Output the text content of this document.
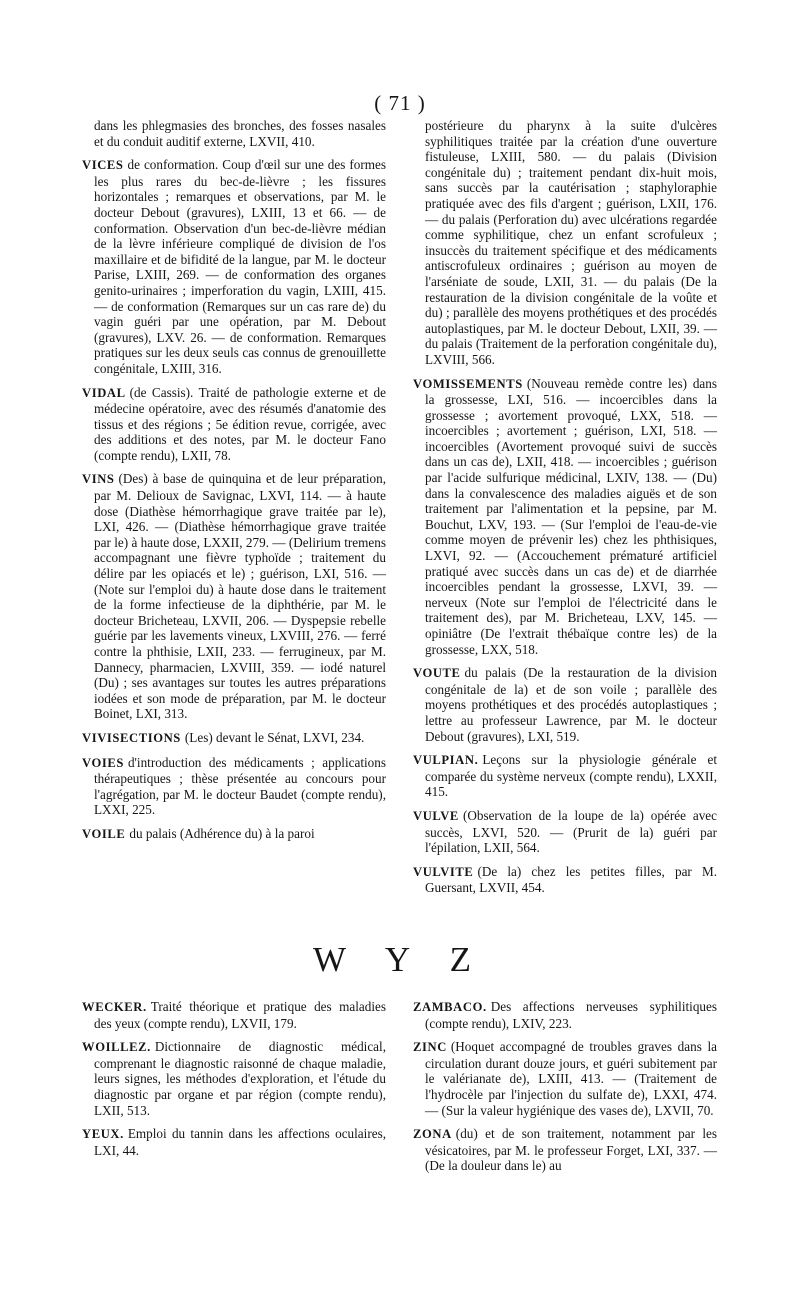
( 71 )

dans les phlegmasies des bronches, des fosses nasales et du conduit auditif externe, LXVII, 410.

VICES de conformation. Coup d'œil sur une des formes les plus rares du bec-de-lièvre ; les fissures horizontales ; remarques et observations, par M. le docteur Debout (gravures), LXIII, 13 et 66. — de conformation. Observation d'un bec-de-lièvre médian de la lèvre inférieure compliqué de division de l'os maxillaire et de bifidité de la langue, par M. le docteur Parise, LXIII, 269. — de conformation des organes genito-urinaires ; imperforation du vagin, LXIII, 415. — de conformation (Remarques sur un cas rare de) du vagin guéri par une opération, par M. Debout (gravures), LXV. 26. — de conformation. Remarques pratiques sur les deux seuls cas connus de grenouillette congénitale, LXIII, 316.

VIDAL (de Cassis). Traité de pathologie externe et de médecine opératoire, avec des résumés d'anatomie des tissus et des régions ; 5e édition revue, corrigée, avec des additions et des notes, par M. le docteur Fano (compte rendu), LXII, 78.

VINS (Des) à base de quinquina et de leur préparation, par M. Delioux de Savignac, LXVI, 114. — à haute dose (Diathèse hémorrhagique grave traitée par le), LXI, 426. — (Diathèse hémorrhagique grave traitée par le) à haute dose, LXXII, 279. — (Delirium tremens accompagnant une fièvre typhoïde ; traitement du délire par les opiacés et le) ; guérison, LXI, 516. — (Note sur l'emploi du) à haute dose dans le traitement de la forme infectieuse de la diphthérie, par M. le docteur Bricheteau, LXVII, 206. — Dyspepsie rebelle guérie par les lavements vineux, LXVIII, 276. — ferré contre la phthisie, LXII, 233. — ferrugineux, par M. Dannecy, pharmacien, LXVIII, 359. — iodé naturel (Du) ; ses avantages sur toutes les autres préparations iodées et son mode de préparation, par M. le docteur Boinet, LXI, 313.

VIVISECTIONS (Les) devant le Sénat, LXVI, 234.

VOIES d'introduction des médicaments ; applications thérapeutiques ; thèse présentée au concours pour l'agrégation, par M. le docteur Baudet (compte rendu), LXXI, 225.

VOILE du palais (Adhérence du) à la paroi

postérieure du pharynx à la suite d'ulcères syphilitiques traitée par la création d'une ouverture fistuleuse, LXIII, 580. — du palais (Division congénitale du) ; traitement pendant dix-huit mois, sans succès par la cautérisation ; staphyloraphie pratiquée avec des fils d'argent ; guérison, LXII, 176. — du palais (Perforation du) avec ulcérations regardée comme syphilitique, chez un enfant scrofuleux ; insuccès du traitement spécifique et des médicaments antiscrofuleux ordinaires ; guérison au moyen de l'arséniate de soude, LXII, 31. — du palais (De la restauration de la division congénitale de la voûte et du) ; parallèle des moyens prothétiques et des procédés autoplastiques, par M. le docteur Debout, LXII, 39. — du palais (Traitement de la perforation congénitale du), LXVIII, 566.

VOMISSEMENTS (Nouveau remède contre les) dans la grossesse, LXI, 516. — incoercibles dans la grossesse ; avortement provoqué, LXX, 518. — incoercibles ; avortement ; guérison, LXI, 518. — incoercibles (Avortement provoqué suivi de succès dans un cas de), LXII, 418. — incoercibles ; guérison par l'acide sulfurique médicinal, LXIV, 138. — (Du) dans la convalescence des maladies aiguës et de son traitement par l'alimentation et la pepsine, par M. Bouchut, LXV, 193. — (Sur l'emploi de l'eau-de-vie comme moyen de prévenir les) chez les phthisiques, LXVI, 92. — (Accouchement prématuré artificiel pratiqué avec succès dans un cas de) et de diarrhée incoercibles pendant la grossesse, LXVI, 39. — nerveux (Note sur l'emploi de l'électricité dans le traitement des), par M. Bricheteau, LXV, 145. — opiniâtre (De l'extrait thébaïque contre les) de la grossesse, LXX, 518.

VOUTE du palais (De la restauration de la division congénitale de la) et de son voile ; parallèle des moyens prothétiques et des procédés autoplastiques ; lettre au professeur Lawrence, par M. le docteur Debout (gravures), LXI, 519.

VULPIAN. Leçons sur la physiologie générale et comparée du système nerveux (compte rendu), LXXII, 415.

VULVE (Observation de la loupe de la) opérée avec succès, LXVI, 520. — (Prurit de la) guéri par l'épilation, LXII, 564.

VULVITE (De la) chez les petites filles, par M. Guersant, LXVII, 454.

W Y Z

WECKER. Traité théorique et pratique des maladies des yeux (compte rendu), LXVII, 179.

WOILLEZ. Dictionnaire de diagnostic médical, comprenant le diagnostic raisonné de chaque maladie, leurs signes, les méthodes d'exploration, et l'étude du diagnostic par organe et par région (compte rendu), LXII, 513.

YEUX. Emploi du tannin dans les affections oculaires, LXI, 44.

ZAMBACO. Des affections nerveuses syphilitiques (compte rendu), LXIV, 223.

ZINC (Hoquet accompagné de troubles graves dans la circulation durant douze jours, et guéri subitement par le valérianate de), LXIII, 413. — (Traitement de l'hydrocèle par l'injection du sulfate de), LXXI, 474. — (Sur la valeur hygiénique des vases de), LXVII, 70.

ZONA (du) et de son traitement, notamment par les vésicatoires, par M. le professeur Forget, LXI, 337. — (De la douleur dans le) au
